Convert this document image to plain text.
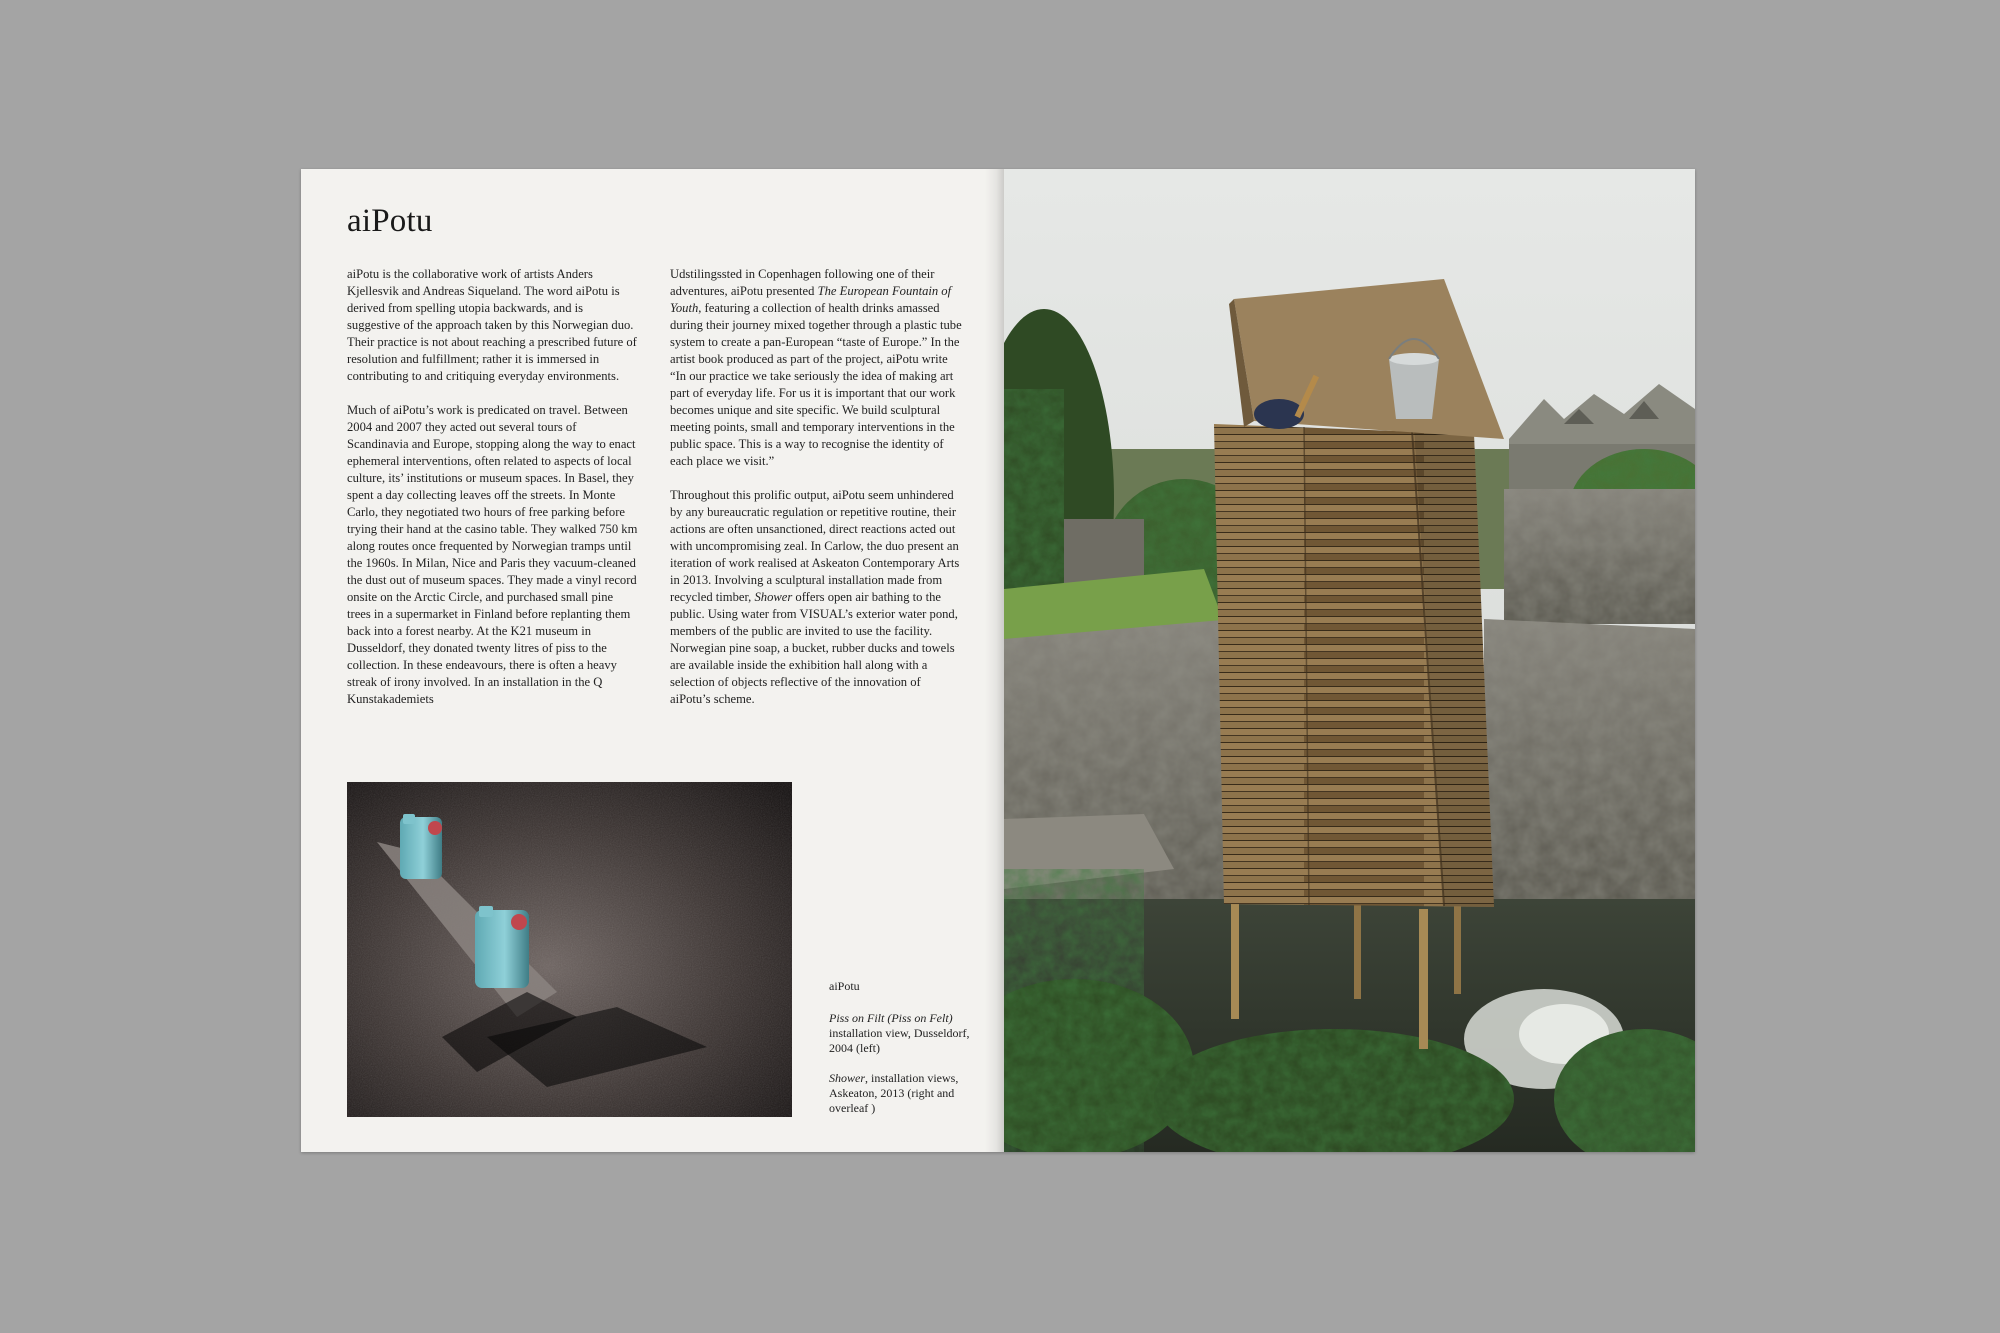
aiPotu

aiPotu is the collaborative work of artists Anders Kjellesvik and Andreas Siqueland. The word aiPotu is derived from spelling utopia backwards, and is suggestive of the approach taken by this Norwegian duo. Their practice is not about reaching a prescribed future of resolution and fulfillment; rather it is immersed in contributing to and critiquing everyday environments.

Much of aiPotu’s work is predicated on travel. Between 2004 and 2007 they acted out several tours of Scandinavia and Europe, stopping along the way to enact ephemeral interventions, often related to aspects of local culture, its’ institutions or museum spaces. In Basel, they spent a day collecting leaves off the streets. In Monte Carlo, they negotiated two hours of free parking before trying their hand at the casino table. They walked 750 km along routes once frequented by Norwegian tramps until the 1960s. In Milan, Nice and Paris they vacuum-cleaned the dust out of museum spaces. They made a vinyl record onsite on the Arctic Circle, and purchased small pine trees in a supermarket in Finland before replanting them back into a forest nearby. At the K21 museum in Dusseldorf, they donated twenty litres of piss to the collection. In these endeavours, there is often a heavy streak of irony involved. In an installation in the Q Kunstakademiets

Udstilingssted in Copenhagen following one of their adventures, aiPotu presented The European Fountain of Youth, featuring a collection of health drinks amassed during their journey mixed together through a plastic tube system to create a pan-European “taste of Europe.” In the artist book produced as part of the project, aiPotu write “In our practice we take seriously the idea of making art part of everyday life. For us it is important that our work becomes unique and site specific. We build sculptural meeting points, small and temporary interventions in the public space. This is a way to recognise the identity of each place we visit.”

Throughout this prolific output, aiPotu seem unhindered by any bureaucratic regulation or repetitive routine, their actions are often unsanctioned, direct reactions acted out with uncompromising zeal. In Carlow, the duo present an iteration of work realised at Askeaton Contemporary Arts in 2013. Involving a sculptural installation made from recycled timber, Shower offers open air bathing to the public. Using water from VISUAL’s exterior water pond, members of the public are invited to use the facility. Norwegian pine soap, a bucket, rubber ducks and towels are available inside the exhibition hall along with a selection of objects reflective of the innovation of aiPotu’s scheme.

aiPotu

Piss on Filt (Piss on Felt) installation view, Dusseldorf, 2004 (left)

Shower, installation views, Askeaton, 2013 (right and overleaf )
